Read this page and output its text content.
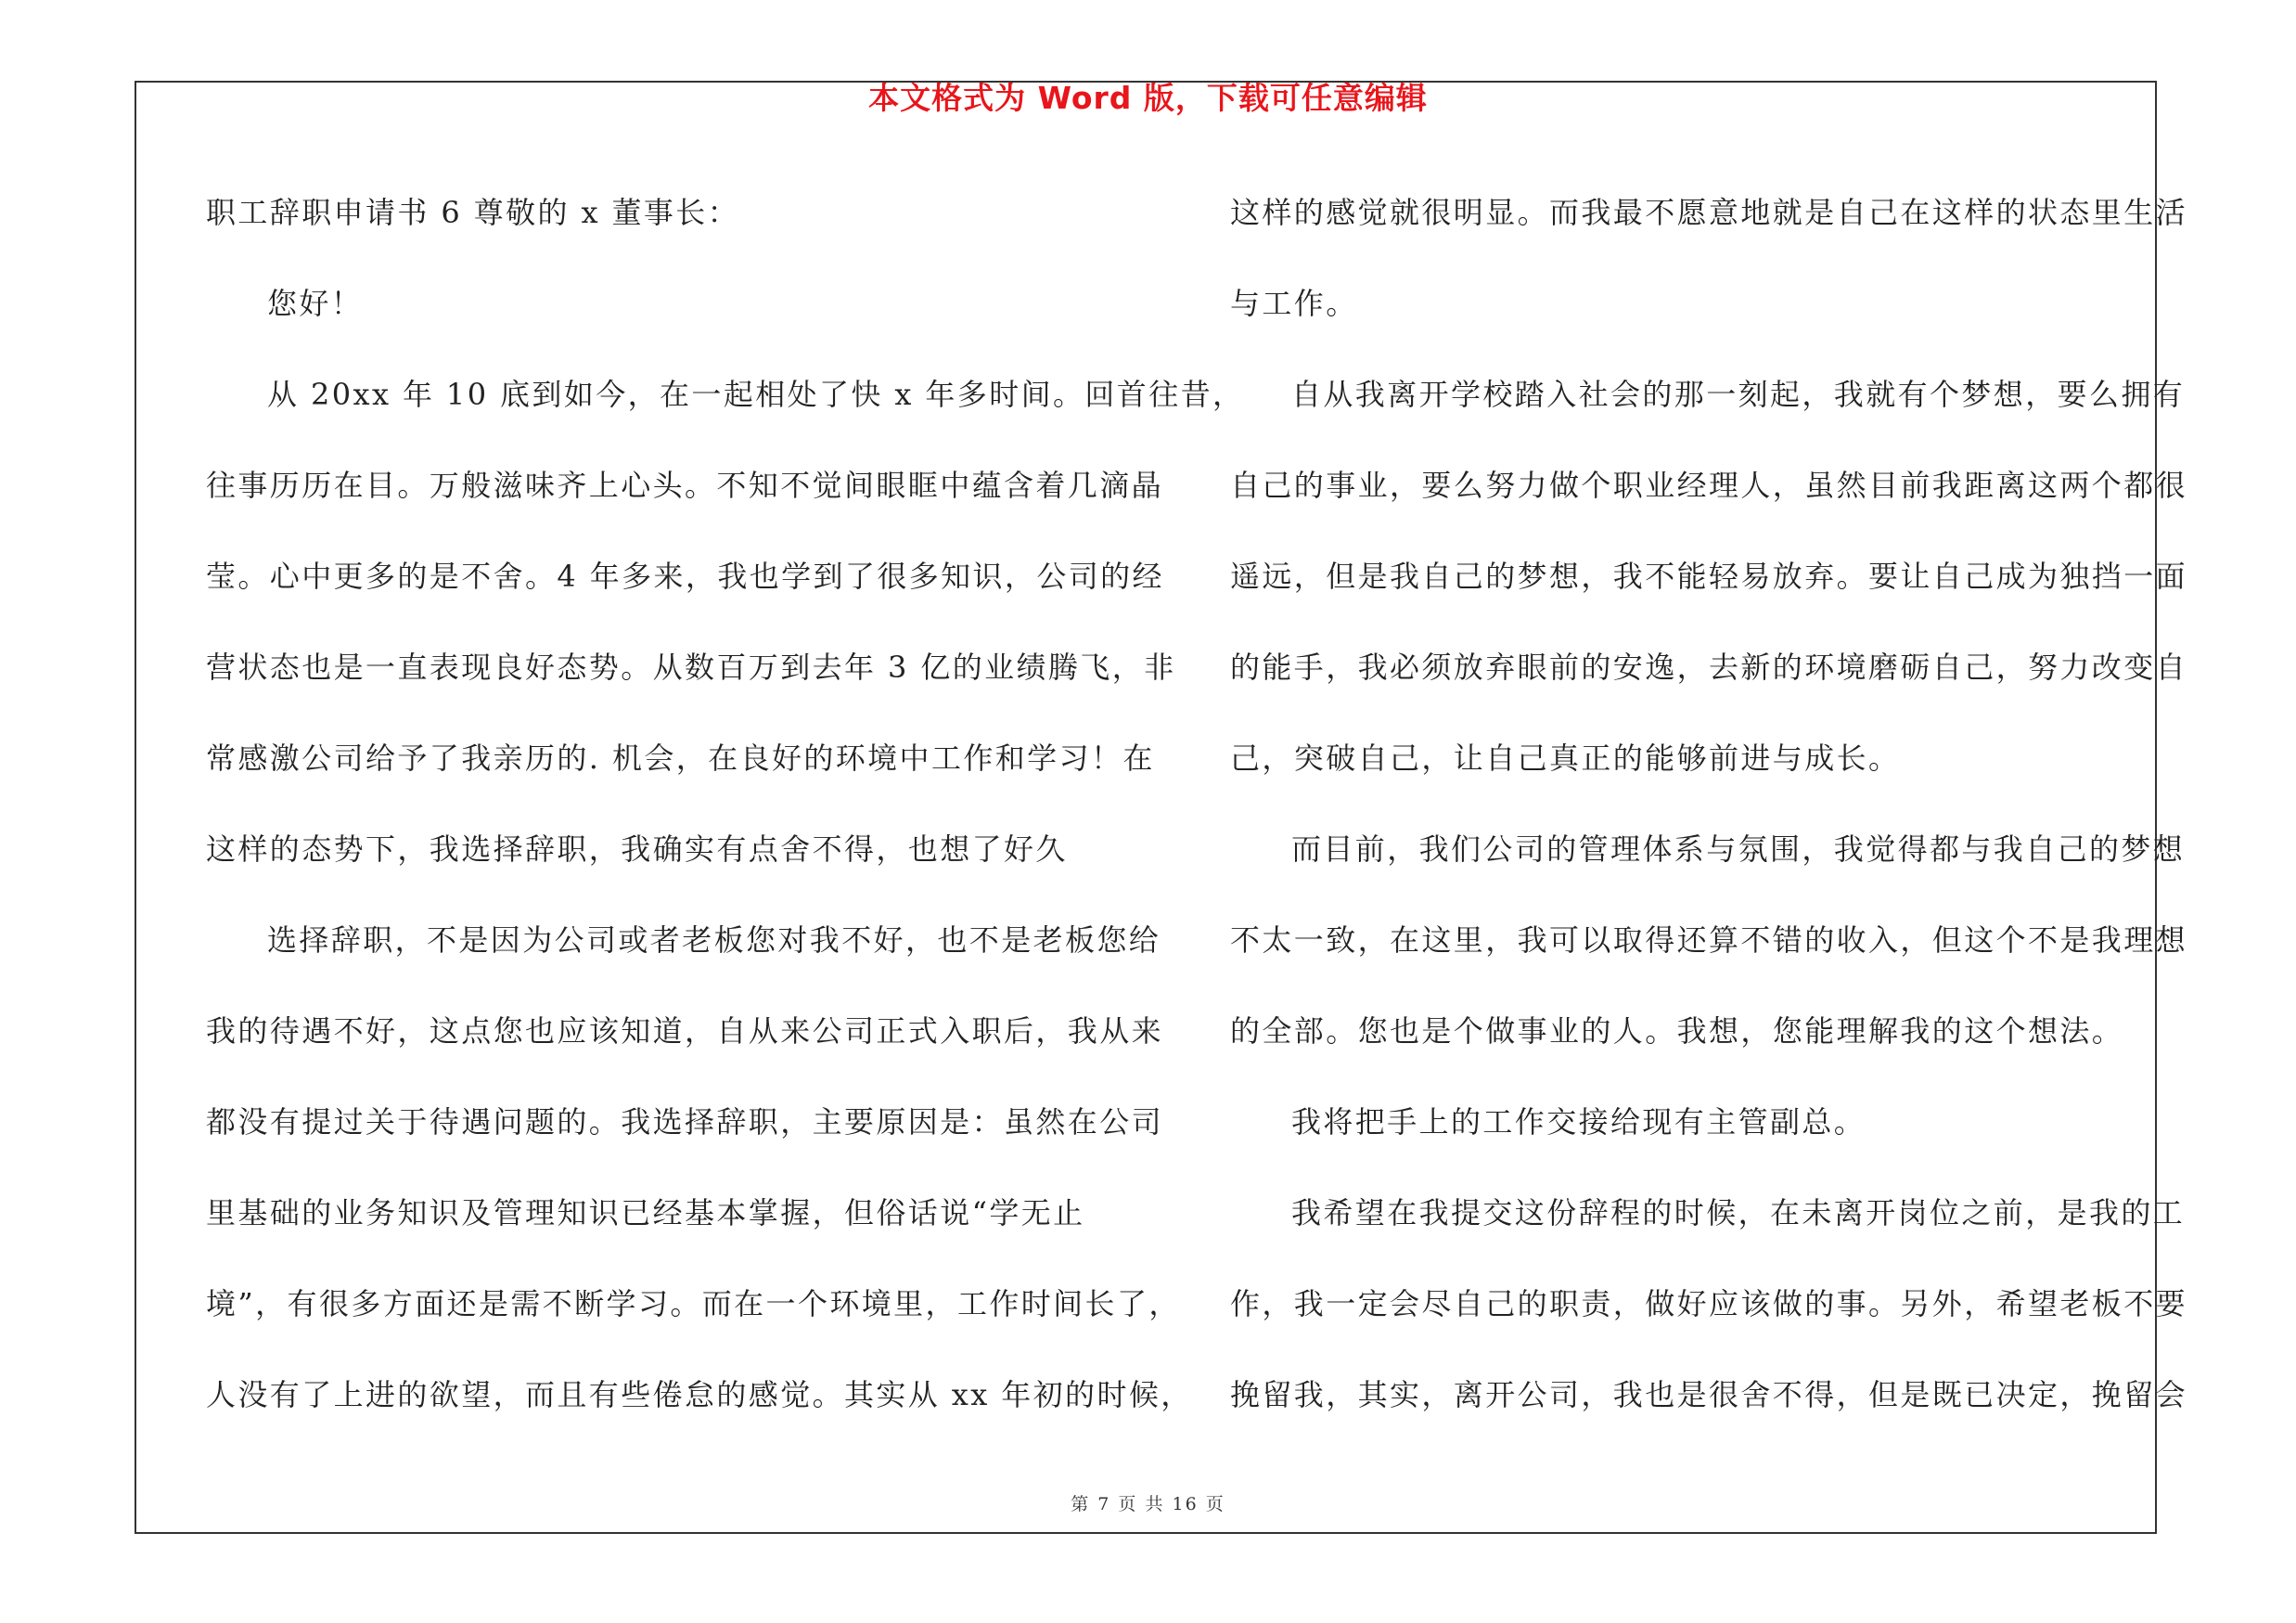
本文格式为 Word 版，下载可任意编辑
职工辞职申请书 6 尊敬的 x 董事长：
您好！
从 20xx 年 10 底到如今，在一起相处了快 x 年多时间。回首往昔，
往事历历在目。万般滋味齐上心头。不知不觉间眼眶中蕴含着几滴晶
莹。心中更多的是不舍。4 年多来，我也学到了很多知识，公司的经
营状态也是一直表现良好态势。从数百万到去年 3 亿的业绩腾飞，非
常感激公司给予了我亲历的. 机会，在良好的环境中工作和学习！在
这样的态势下，我选择辞职，我确实有点舍不得，也想了好久
选择辞职，不是因为公司或者老板您对我不好，也不是老板您给
我的待遇不好，这点您也应该知道，自从来公司正式入职后，我从来
都没有提过关于待遇问题的。我选择辞职，主要原因是：虽然在公司
里基础的业务知识及管理知识已经基本掌握，但俗话说“学无止
境”，有很多方面还是需不断学习。而在一个环境里，工作时间长了，
人没有了上进的欲望，而且有些倦怠的感觉。其实从 xx 年初的时候，
这样的感觉就很明显。而我最不愿意地就是自己在这样的状态里生活
与工作。
自从我离开学校踏入社会的那一刻起，我就有个梦想，要么拥有
自己的事业，要么努力做个职业经理人，虽然目前我距离这两个都很
遥远，但是我自己的梦想，我不能轻易放弃。要让自己成为独挡一面
的能手，我必须放弃眼前的安逸，去新的环境磨砺自己，努力改变自
己，突破自己，让自己真正的能够前进与成长。
而目前，我们公司的管理体系与氛围，我觉得都与我自己的梦想
不太一致，在这里，我可以取得还算不错的收入，但这个不是我理想
的全部。您也是个做事业的人。我想，您能理解我的这个想法。
我将把手上的工作交接给现有主管副总。
我希望在我提交这份辞程的时候，在未离开岗位之前，是我的工
作，我一定会尽自己的职责，做好应该做的事。另外，希望老板不要
挽留我，其实，离开公司，我也是很舍不得，但是既已决定，挽留会
第 7 页 共 16 页
